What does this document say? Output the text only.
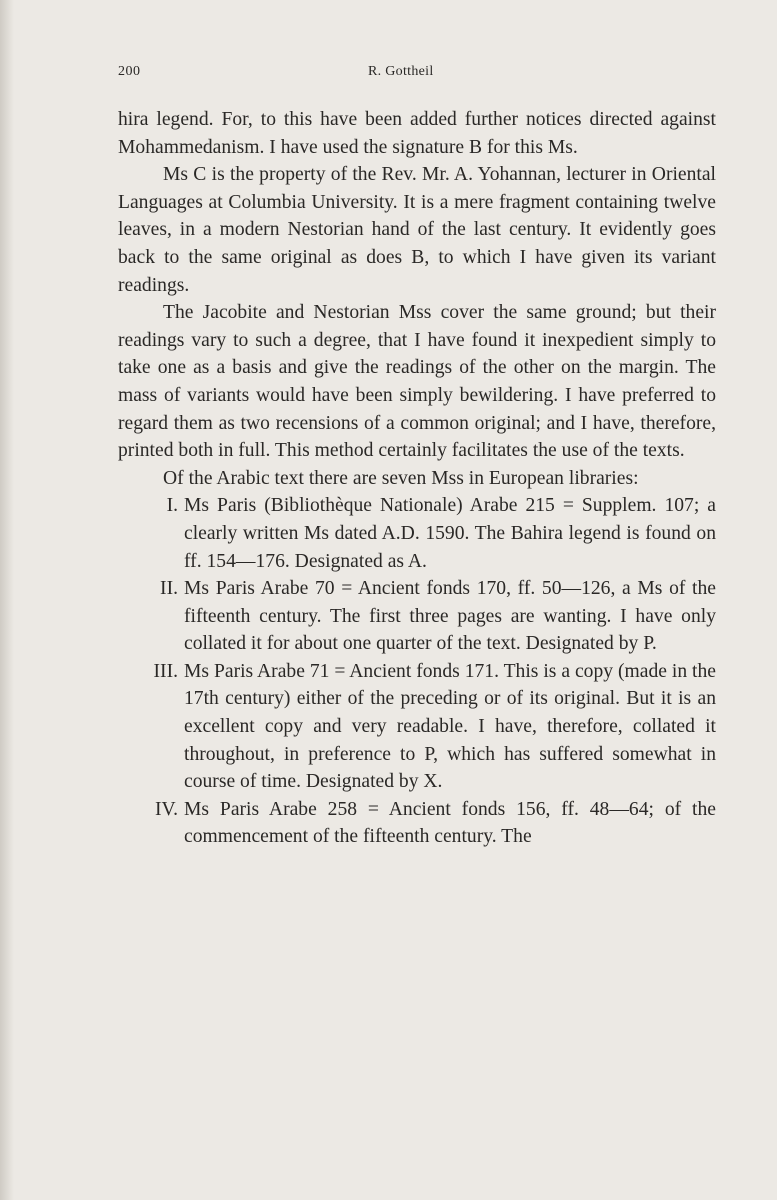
200	R. Gottheil

hira legend. For, to this have been added further notices directed against Mohammedanism. I have used the signature B for this Ms.

Ms C is the property of the Rev. Mr. A. Yohannan, lecturer in Oriental Languages at Columbia University. It is a mere fragment containing twelve leaves, in a modern Nestorian hand of the last century. It evidently goes back to the same original as does B, to which I have given its variant readings.

The Jacobite and Nestorian Mss cover the same ground; but their readings vary to such a degree, that I have found it inexpedient simply to take one as a basis and give the readings of the other on the margin. The mass of variants would have been simply bewildering. I have preferred to regard them as two recensions of a common original; and I have, therefore, printed both in full. This method certainly facilitates the use of the texts.

Of the Arabic text there are seven Mss in European libraries:

I. Ms Paris (Bibliothèque Nationale) Arabe 215 = Supplem. 107; a clearly written Ms dated A.D. 1590. The Bahira legend is found on ff. 154—176. Designated as A.
II. Ms Paris Arabe 70 = Ancient fonds 170, ff. 50—126, a Ms of the fifteenth century. The first three pages are wanting. I have only collated it for about one quarter of the text. Designated by P.
III. Ms Paris Arabe 71 = Ancient fonds 171. This is a copy (made in the 17th century) either of the preceding or of its original. But it is an excellent copy and very readable. I have, therefore, collated it throughout, in preference to P, which has suffered somewhat in course of time. Designated by X.
IV. Ms Paris Arabe 258 = Ancient fonds 156, ff. 48—64; of the commencement of the fifteenth century. The
